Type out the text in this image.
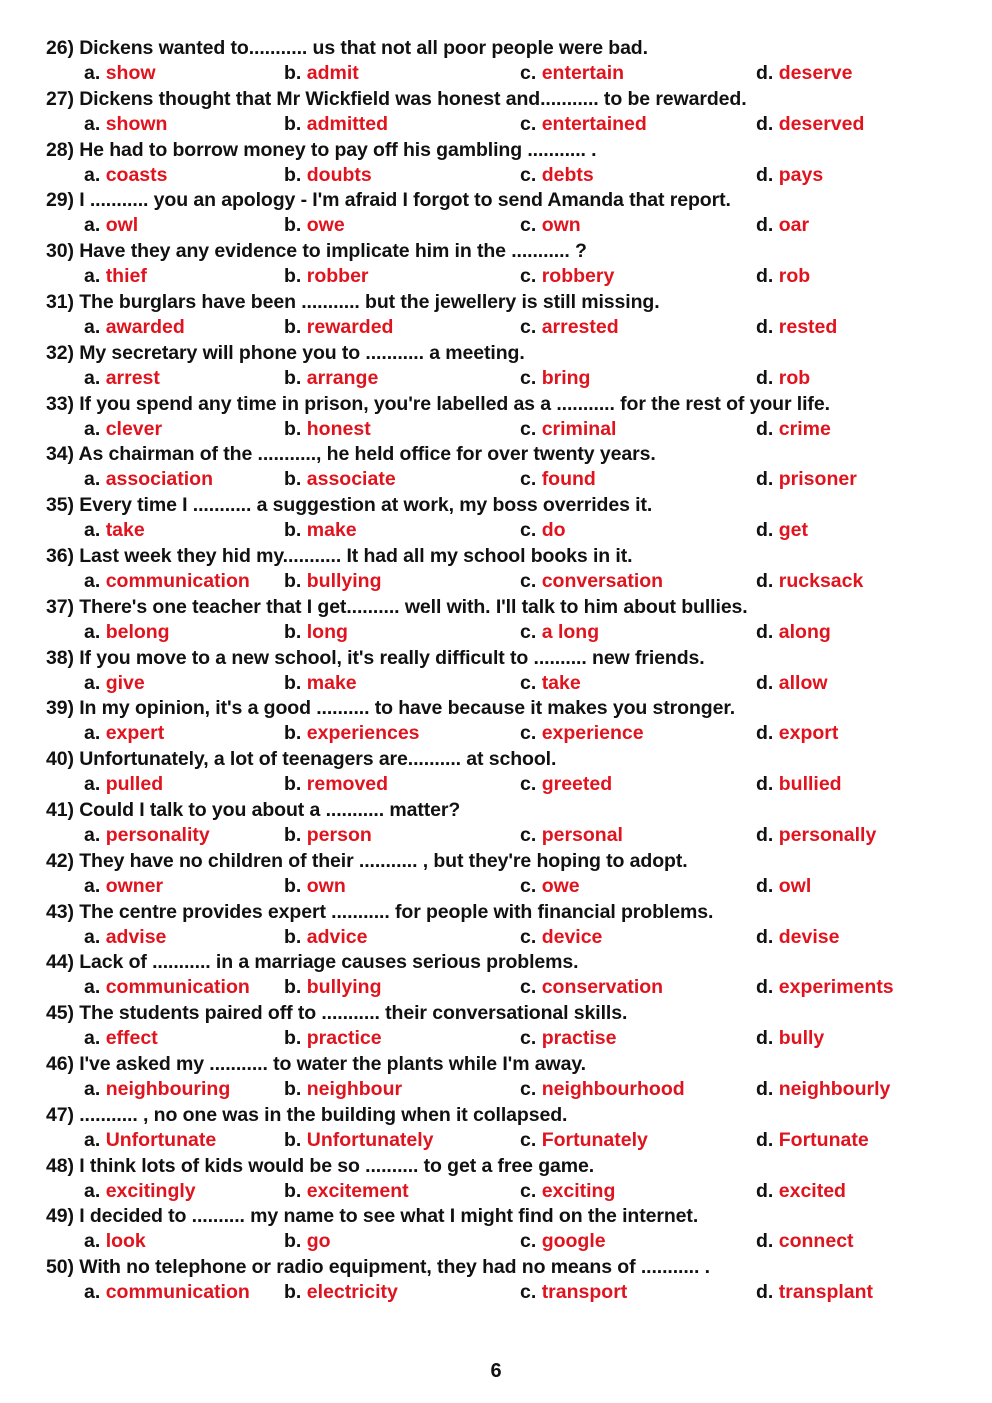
26) Dickens wanted to........... us that not all poor people were bad.
a. show	b. admit	c. entertain	d. deserve
27) Dickens thought that Mr Wickfield was honest and........... to be rewarded.
a. shown	b. admitted	c. entertained	d. deserved
28) He had to borrow money to pay off his gambling ........... .
a. coasts	b. doubts	c. debts	d. pays
29) I ........... you an apology - I'm afraid I forgot to send Amanda that report.
a. owl	b. owe	c. own	d. oar
30) Have they any evidence to implicate him in the ........... ?
a. thief	b. robber	c. robbery	d. rob
31) The burglars have been ........... but the jewellery is still missing.
a. awarded	b. rewarded	c. arrested	d. rested
32) My secretary will phone you to ........... a meeting.
a. arrest	b. arrange	c. bring	d. rob
33) If you spend any time in prison, you're labelled as a ........... for the rest of your life.
a. clever	b. honest	c. criminal	d. crime
34) As chairman of the ..........., he held office for over twenty years.
a. association	b. associate	c. found	d. prisoner
35) Every time I ........... a suggestion at work, my boss overrides it.
a. take	b. make	c. do	d. get
36) Last week they hid my........... It had all my school books in it.
a. communication b. bullying	c. conversation	d. rucksack
37) There's one teacher that I get.......... well with. I'll talk to him about bullies.
a. belong	b. long	c. a long	d. along
38) If you move to a new school, it's really difficult to .......... new friends.
a. give	b. make	c. take	d. allow
39) In my opinion, it's a good .......... to have because it makes you stronger.
a. expert	b. experiences	c. experience	d. export
40) Unfortunately, a lot of teenagers are.......... at school.
a. pulled	b. removed	c. greeted	d. bullied
41) Could I talk to you about a ........... matter?
a. personality	b. person	c. personal	d. personally
42) They have no children of their ........... , but they're hoping to adopt.
a. owner	b. own	c. owe	d. owl
43) The centre provides expert ........... for people with financial problems.
a. advise	b. advice	c. device	d. devise
44) Lack of ........... in a marriage causes serious problems.
a. communication b. bullying	c. conservation	d. experiments
45) The students paired off to ........... their conversational skills.
a. effect	b. practice	c. practise	d. bully
46) I've asked my ........... to water the plants while I'm away.
a. neighbouring	b. neighbour	c. neighbourhood	d. neighbourly
47) ........... , no one was in the building when it collapsed.
a. Unfortunate	b. Unfortunately	c. Fortunately	d. Fortunate
48) I think lots of kids would be so .......... to get a free game.
a. excitingly	b. excitement	c. exciting	d. excited
49) I decided to .......... my name to see what I might find on the internet.
a. look	b. go	c. google	d. connect
50) With no telephone or radio equipment, they had no means of ........... .
a. communication b. electricity	c. transport	d. transplant
6
